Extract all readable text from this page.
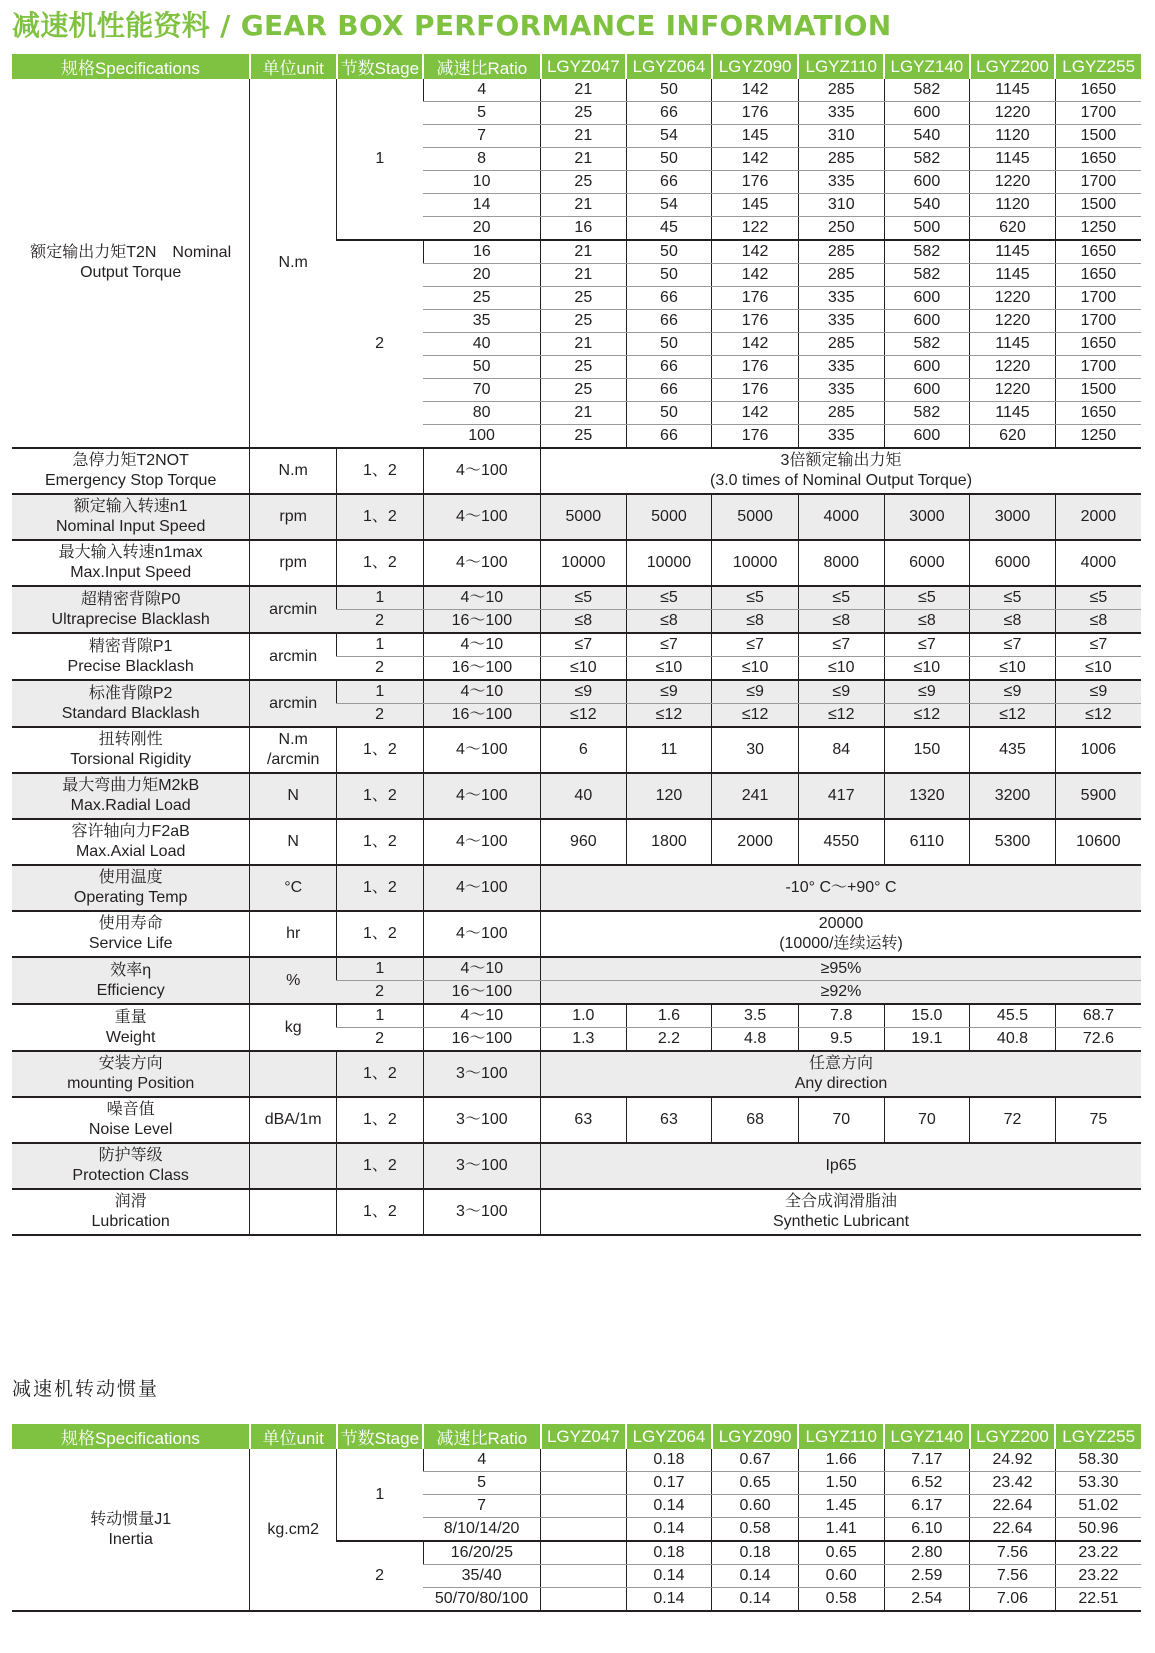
减速机性能资料 / GEAR BOX PERFORMANCE INFORMATION
规格Specifications	单位unit	节数Stage	减速比Ratio	LGYZ047	LGYZ064	LGYZ090	LGYZ110	LGYZ140	LGYZ200	LGYZ255

额定输出力矩T2N　Nominal
Output Torque	N.m	1	4	21	50	142	285	582	1145	1650
			5	25	66	176	335	600	1220	1700
			7	21	54	145	310	540	1120	1500
			8	21	50	142	285	582	1145	1650
			10	25	66	176	335	600	1220	1700
			14	21	54	145	310	540	1120	1500
			20	16	45	122	250	500	620	1250
		2	16	21	50	142	285	582	1145	1650
			20	21	50	142	285	582	1145	1650
			25	25	66	176	335	600	1220	1700
			35	25	66	176	335	600	1220	1700
			40	21	50	142	285	582	1145	1650
			50	25	66	176	335	600	1220	1700
			70	25	66	176	335	600	1220	1500
			80	21	50	142	285	582	1145	1650
			100	25	66	176	335	600	620	1250

急停力矩T2NOT
Emergency Stop Torque	N.m	1、2	4～100	3倍额定输出力矩
(3.0 times of Nominal Output Torque)						

额定输入转速n1
Nominal Input Speed	rpm	1、2	4～100	5000	5000	5000	4000	3000	3000	2000

最大输入转速n1max
Max.Input Speed	rpm	1、2	4～100	10000	10000	10000	8000	6000	6000	4000

超精密背隙P0
Ultraprecise Blacklash	arcmin	1	4～10	≤5	≤5	≤5	≤5	≤5	≤5	≤5
		2	16～100	≤8	≤8	≤8	≤8	≤8	≤8	≤8

精密背隙P1
Precise Blacklash	arcmin	1	4～10	≤7	≤7	≤7	≤7	≤7	≤7	≤7
		2	16～100	≤10	≤10	≤10	≤10	≤10	≤10	≤10

标准背隙P2
Standard Blacklash	arcmin	1	4～10	≤9	≤9	≤9	≤9	≤9	≤9	≤9
		2	16～100	≤12	≤12	≤12	≤12	≤12	≤12	≤12

扭转刚性
Torsional Rigidity	N.m
/arcmin	1、2	4～100	6	11	30	84	150	435	1006

最大弯曲力矩M2kB
Max.Radial Load	N	1、2	4～100	40	120	241	417	1320	3200	5900

容许轴向力F2aB
Max.Axial Load	N	1、2	4～100	960	1800	2000	4550	6110	5300	10600

使用温度
Operating Temp	°C	1、2	4～100	-10° C～+90° C						

使用寿命
Service Life	hr	1、2	4～100	20000
(10000/连续运转)						

效率η
Efficiency	%	1	4～10	≥95%						
		2	16～100	≥92%						

重量
Weight	kg	1	4～10	1.0	1.6	3.5	7.8	15.0	45.5	68.7
		2	16～100	1.3	2.2	4.8	9.5	19.1	40.8	72.6

安装方向
mounting Position		1、2	3～100	任意方向
Any direction						

噪音值
Noise Level	dBA/1m	1、2	3～100	63	63	68	70	70	72	75

防护等级
Protection Class		1、2	3～100	Ip65						

润滑
Lubrication		1、2	3～100	全合成润滑脂油
Synthetic Lubricant						
减速机转动惯量
规格Specifications	单位unit	节数Stage	减速比Ratio	LGYZ047	LGYZ064	LGYZ090	LGYZ110	LGYZ140	LGYZ200	LGYZ255

转动惯量J1
Inertia	kg.cm2	1	4		0.18	0.67	1.66	7.17	24.92	58.30
			5		0.17	0.65	1.50	6.52	23.42	53.30
			7		0.14	0.60	1.45	6.17	22.64	51.02
			8/10/14/20		0.14	0.58	1.41	6.10	22.64	50.96
		2	16/20/25		0.18	0.18	0.65	2.80	7.56	23.22
			35/40		0.14	0.14	0.60	2.59	7.56	23.22
			50/70/80/100		0.14	0.14	0.58	2.54	7.06	22.51
